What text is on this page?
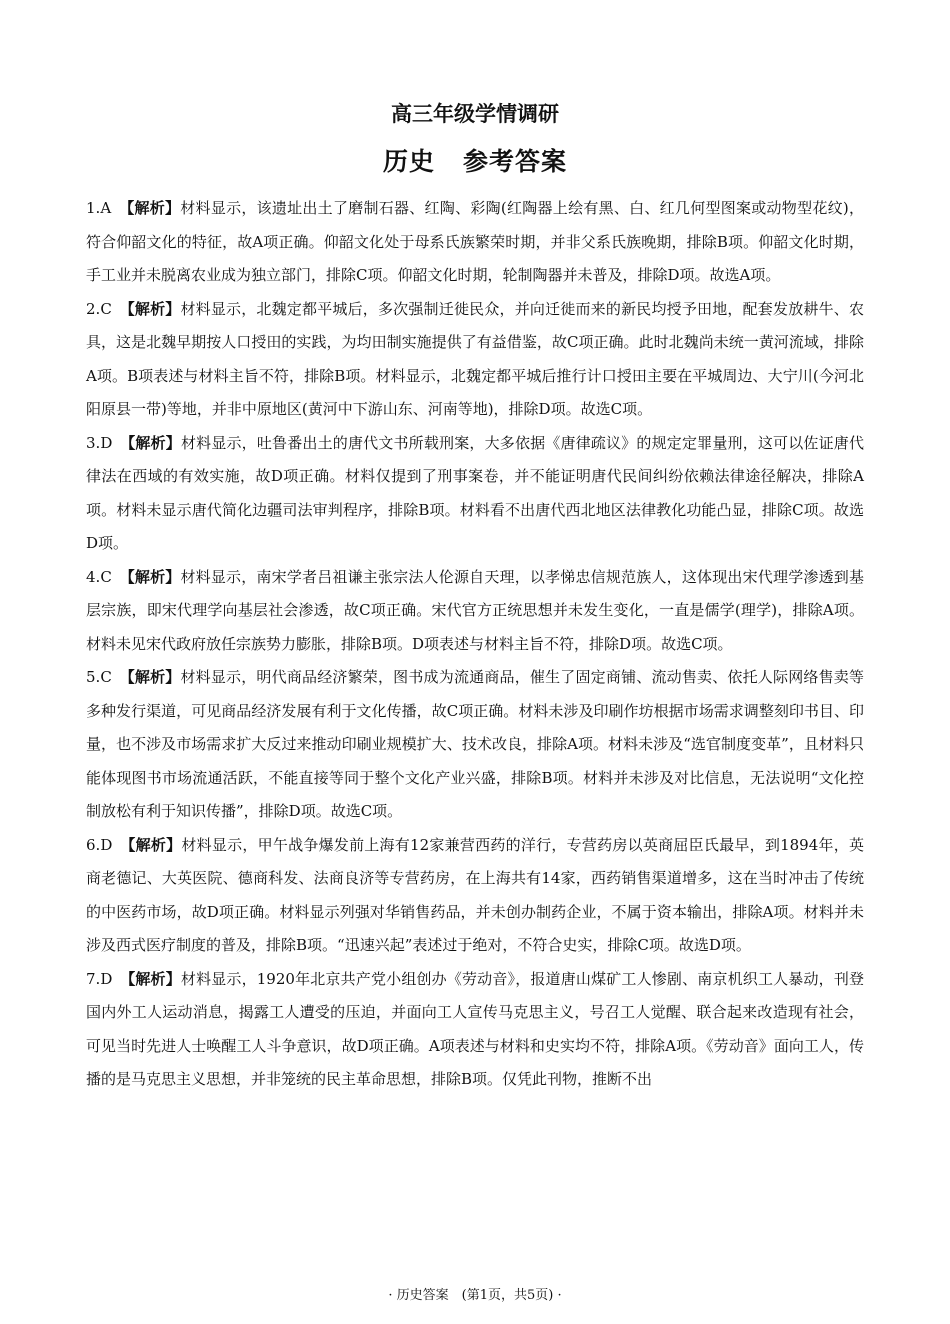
高三年级学情调研
历史 参考答案

1.A　 【解析】材料显示，该遗址出土了磨制石器、红陶、彩陶(红陶器上绘有黑、白、红几何型图案或动物型花纹)，符合仰韶文化的特征，故A项正确。仰韶文化处于母系氏族繁荣时期，并非父系氏族晚期，排除B项。仰韶文化时期，手工业并未脱离农业成为独立部门，排除C项。仰韶文化时期，轮制陶器并未普及，排除D项。故选A项。

2.C　 【解析】材料显示，北魏定都平城后，多次强制迁徙民众，并向迁徙而来的新民均授予田地，配套发放耕牛、农具，这是北魏早期按人口授田的实践，为均田制实施提供了有益借鉴，故C项正确。此时北魏尚未统一黄河流域，排除A项。B项表述与材料主旨不符，排除B项。材料显示，北魏定都平城后推行计口授田主要在平城周边、大宁川(今河北阳原县一带)等地，并非中原地区(黄河中下游山东、河南等地)，排除D项。故选C项。

3.D　 【解析】材料显示，吐鲁番出土的唐代文书所载刑案，大多依据《唐律疏议》的规定定罪量刑，这可以佐证唐代律法在西域的有效实施，故D项正确。材料仅提到了刑事案卷，并不能证明唐代民间纠纷依赖法律途径解决，排除A项。材料未显示唐代简化边疆司法审判程序，排除B项。材料看不出唐代西北地区法律教化功能凸显，排除C项。故选D项。

4.C　 【解析】材料显示，南宋学者吕祖谦主张宗法人伦源自天理，以孝悌忠信规范族人，这体现出宋代理学渗透到基层宗族，即宋代理学向基层社会渗透，故C项正确。宋代官方正统思想并未发生变化，一直是儒学(理学)，排除A项。材料未见宋代政府放任宗族势力膨胀，排除B项。D项表述与材料主旨不符，排除D项。故选C项。

5.C　 【解析】材料显示，明代商品经济繁荣，图书成为流通商品，催生了固定商铺、流动售卖、依托人际网络售卖等多种发行渠道，可见商品经济发展有利于文化传播，故C项正确。材料未涉及印刷作坊根据市场需求调整刻印书目、印量，也不涉及市场需求扩大反过来推动印刷业规模扩大、技术改良，排除A项。材料未涉及“选官制度变革”，且材料只能体现图书市场流通活跃，不能直接等同于整个文化产业兴盛，排除B项。材料并未涉及对比信息，无法说明“文化控制放松有利于知识传播”，排除D项。故选C项。

6.D　 【解析】材料显示，甲午战争爆发前上海有12家兼营西药的洋行，专营药房以英商屈臣氏最早，到1894年，英商老德记、大英医院、德商科发、法商良济等专营药房，在上海共有14家，西药销售渠道增多，这在当时冲击了传统的中医药市场，故D项正确。材料显示列强对华销售药品，并未创办制药企业，不属于资本输出，排除A项。材料并未涉及西式医疗制度的普及，排除B项。“迅速兴起”表述过于绝对，不符合史实，排除C项。故选D项。

7.D　 【解析】材料显示，1920年北京共产党小组创办《劳动音》，报道唐山煤矿工人惨剧、南京机织工人暴动，刊登国内外工人运动消息，揭露工人遭受的压迫，并面向工人宣传马克思主义，号召工人觉醒、联合起来改造现有社会，可见当时先进人士唤醒工人斗争意识，故D项正确。A项表述与材料和史实均不符，排除A项。《劳动音》面向工人，传播的是马克思主义思想，并非笼统的民主革命思想，排除B项。仅凭此刊物，推断不出

· 历史答案　(第1页，共5页) ·
